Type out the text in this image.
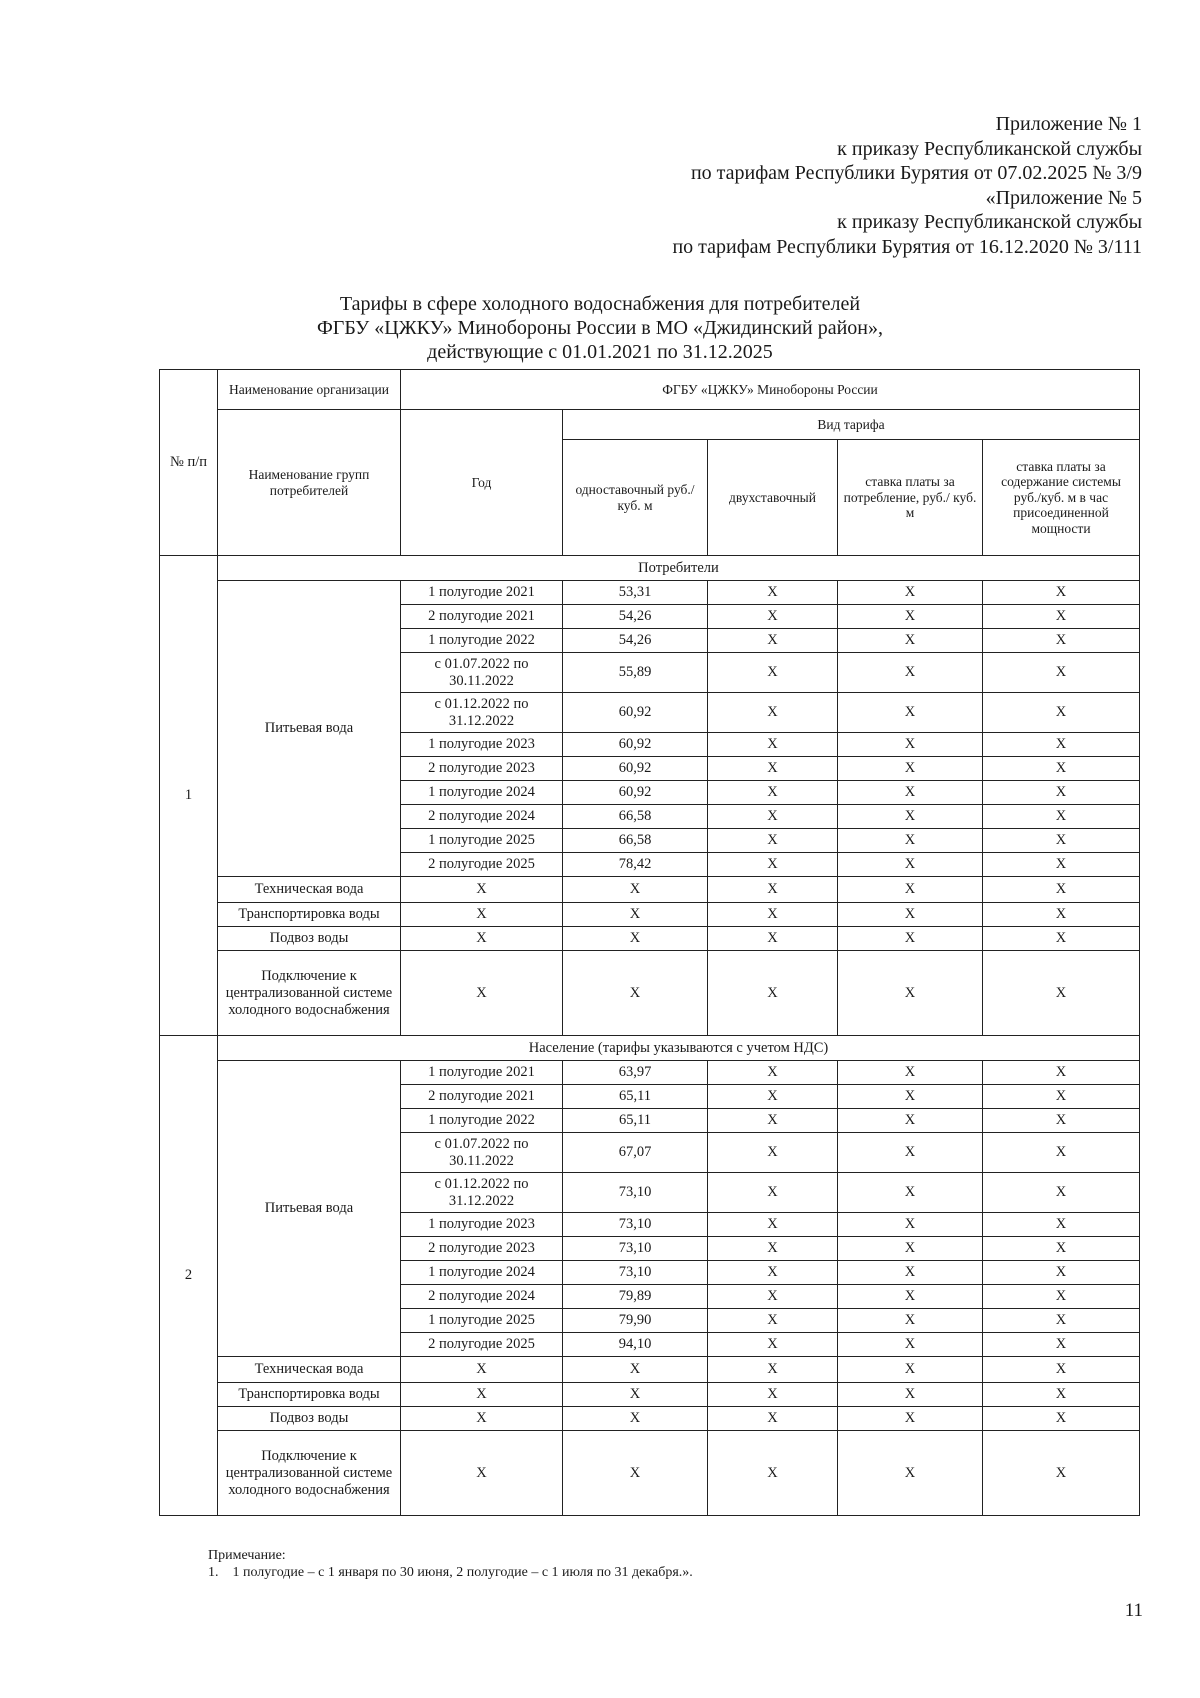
Приложение № 1
к приказу Республиканской службы
по тарифам Республики Бурятия от 07.02.2025 № 3/9
«Приложение № 5
к приказу Республиканской службы
по тарифам Республики Бурятия от 16.12.2020 № 3/111
Тарифы в сфере холодного водоснабжения для потребителей
ФГБУ «ЦЖКУ» Минобороны России в МО «Джидинский район»,
действующие с 01.01.2021 по 31.12.2025
№ п/п	Наименование организации	ФГБУ «ЦЖКУ» Минобороны России				
	Наименование групп потребителей	Год	Вид тарифа			
			одноставочный руб./ куб. м	двухставочный	ставка платы за потребление, руб./ куб. м	ставка платы за содержание системы руб./куб. м в час присоединенной мощности
1	Потребители					
	Питьевая вода	1 полугодие 2021	53,31	X	X	X
		2 полугодие 2021	54,26	X	X	X
		1 полугодие 2022	54,26	X	X	X
		с 01.07.2022 по 30.11.2022	55,89	X	X	X
		с 01.12.2022 по 31.12.2022	60,92	X	X	X
		1 полугодие 2023	60,92	X	X	X
		2 полугодие 2023	60,92	X	X	X
		1 полугодие 2024	60,92	X	X	X
		2 полугодие 2024	66,58	X	X	X
		1 полугодие 2025	66,58	X	X	X
		2 полугодие 2025	78,42	X	X	X
	Техническая вода	X	X	X	X	X
	Транспортировка воды	X	X	X	X	X
	Подвоз воды	X	X	X	X	X
	Подключение к централизованной системе холодного водоснабжения	X	X	X	X	X
2	Население (тарифы указываются с учетом НДС)					
	Питьевая вода	1 полугодие 2021	63,97	X	X	X
		2 полугодие 2021	65,11	X	X	X
		1 полугодие 2022	65,11	X	X	X
		с 01.07.2022 по 30.11.2022	67,07	X	X	X
		с 01.12.2022 по 31.12.2022	73,10	X	X	X
		1 полугодие 2023	73,10	X	X	X
		2 полугодие 2023	73,10	X	X	X
		1 полугодие 2024	73,10	X	X	X
		2 полугодие 2024	79,89	X	X	X
		1 полугодие 2025	79,90	X	X	X
		2 полугодие 2025	94,10	X	X	X
	Техническая вода	X	X	X	X	X
	Транспортировка воды	X	X	X	X	X
	Подвоз воды	X	X	X	X	X
	Подключение к централизованной системе холодного водоснабжения	X	X	X	X	X
Примечание:
1.    1 полугодие – с 1 января по 30 июня, 2 полугодие – с 1 июля по 31 декабря.».
11
